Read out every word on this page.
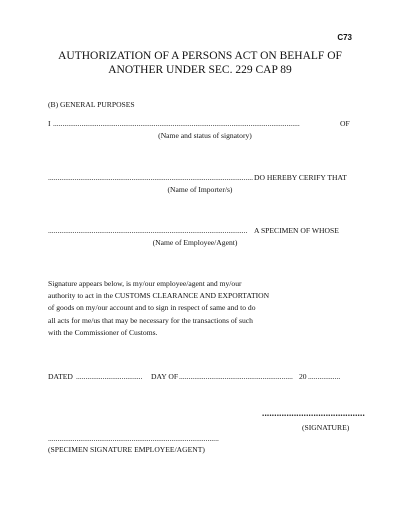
C73
AUTHORIZATION OF A PERSONS ACT ON BEHALF OF
ANOTHER UNDER SEC. 229 CAP 89
(B) GENERAL PURPOSES
I ..................................................................................................................................	OF
(Name and status of signatory)
............................................................................................................ DO HEREBY CERIFY THAT
(Name of Importer/s)
......................................................................................................... A SPECIMEN OF WHOSE
(Name of Employee/Agent)
Signature appears below, is my/our employee/agent and my/our
authority to act in the CUSTOMS CLEARANCE AND EXPORTATION
of goods on my/our account and to sign in respect of same and to do
all acts for me/us that may be necessary for the transactions of such
with the Commissioner of Customs.
DATED ...................................	DAY OF ............................................................ 20 .................
..........................................
(SIGNATURE)
..........................................................................................
(SPECIMEN SIGNATURE EMPLOYEE/AGENT)
